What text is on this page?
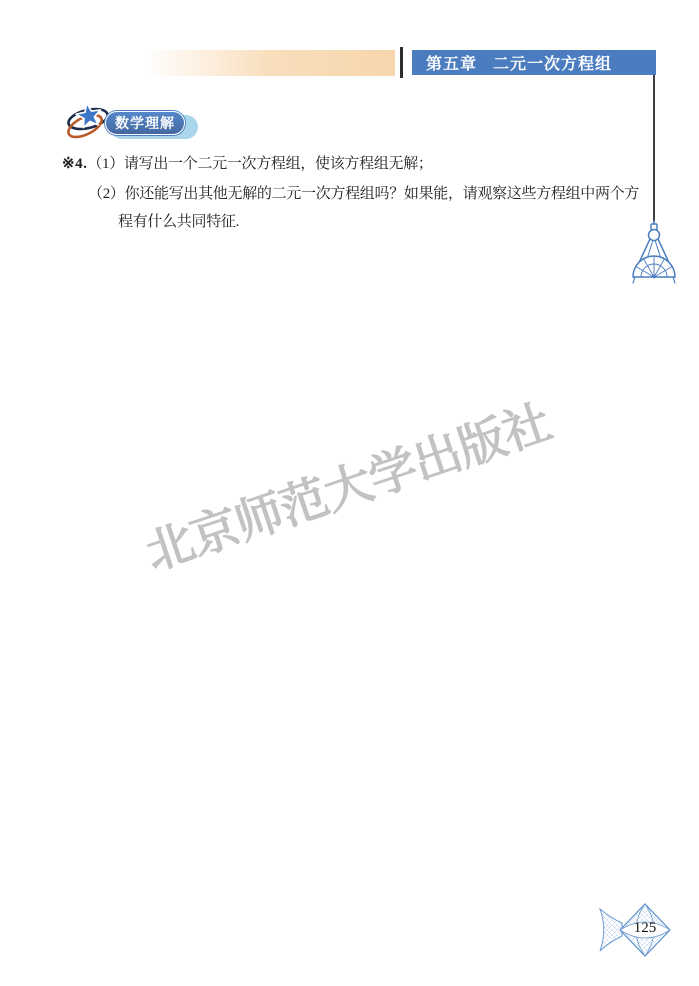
第五章 二元一次方程组
数学理解
※4.（1）请写出一个二元一次方程组，使该方程组无解；
（2）你还能写出其他无解的二元一次方程组吗？如果能，请观察这些方程组中两个方
程有什么共同特征.
北京师范大学出版社
125
